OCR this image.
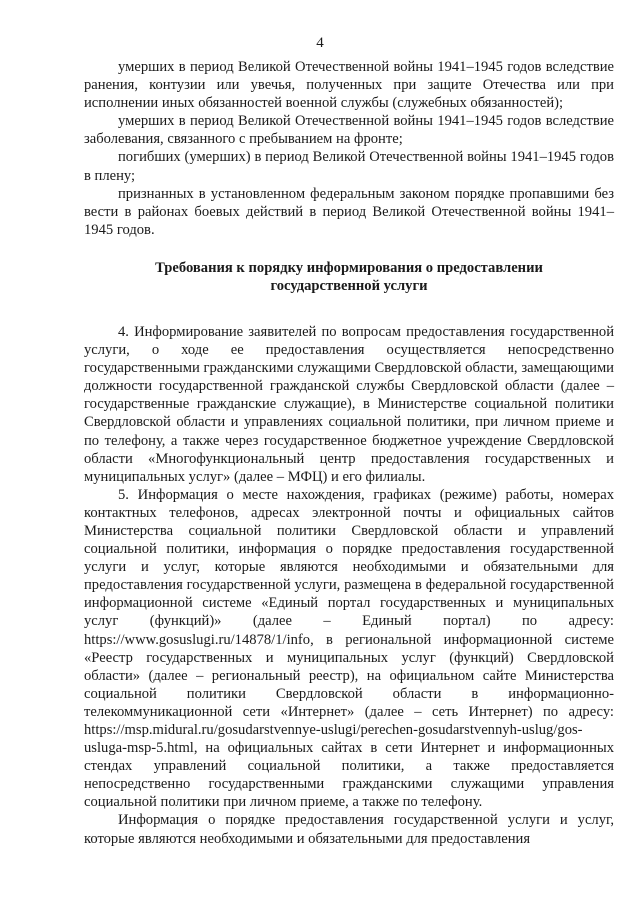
4

умерших в период Великой Отечественной войны 1941–1945 годов вследствие ранения, контузии или увечья, полученных при защите Отечества или при исполнении иных обязанностей военной службы (служебных обязанностей);

умерших в период Великой Отечественной войны 1941–1945 годов вследствие заболевания, связанного с пребыванием на фронте;

погибших (умерших) в период Великой Отечественной войны 1941–1945 годов в плену;

признанных в установленном федеральным законом порядке пропавшими без вести в районах боевых действий в период Великой Отечественной войны 1941–1945 годов.

Требования к порядку информирования о предоставлении
государственной услуги

4. Информирование заявителей по вопросам предоставления государственной услуги, о ходе ее предоставления осуществляется непосредственно государственными гражданскими служащими Свердловской области, замещающими должности государственной гражданской службы Свердловской области (далее – государственные гражданские служащие), в Министерстве социальной политики Свердловской области и управлениях социальной политики, при личном приеме и по телефону, а также через государственное бюджетное учреждение Свердловской области «Многофункциональный центр предоставления государственных и муниципальных услуг» (далее – МФЦ) и его филиалы.

5. Информация о месте нахождения, графиках (режиме) работы, номерах контактных телефонов, адресах электронной почты и официальных сайтов Министерства социальной политики Свердловской области и управлений социальной политики, информация о порядке предоставления государственной услуги и услуг, которые являются необходимыми и обязательными для предоставления государственной услуги, размещена в федеральной государственной информационной системе «Единый портал государственных и муниципальных услуг (функций)» (далее – Единый портал) по адресу: https://www.gosuslugi.ru/14878/1/info, в региональной информационной системе «Реестр государственных и муниципальных услуг (функций) Свердловской области» (далее – региональный реестр), на официальном сайте Министерства социальной политики Свердловской области в информационно-телекоммуникационной сети «Интернет» (далее – сеть Интернет) по адресу: https://msp.midural.ru/gosudarstvennye-uslugi/perechen-gosudarstvennyh-uslug/gos-usluga-msp-5.html, на официальных сайтах в сети Интернет и информационных стендах управлений социальной политики, а также предоставляется непосредственно государственными гражданскими служащими управления социальной политики при личном приеме, а также по телефону.

Информация о порядке предоставления государственной услуги и услуг, которые являются необходимыми и обязательными для предоставления
